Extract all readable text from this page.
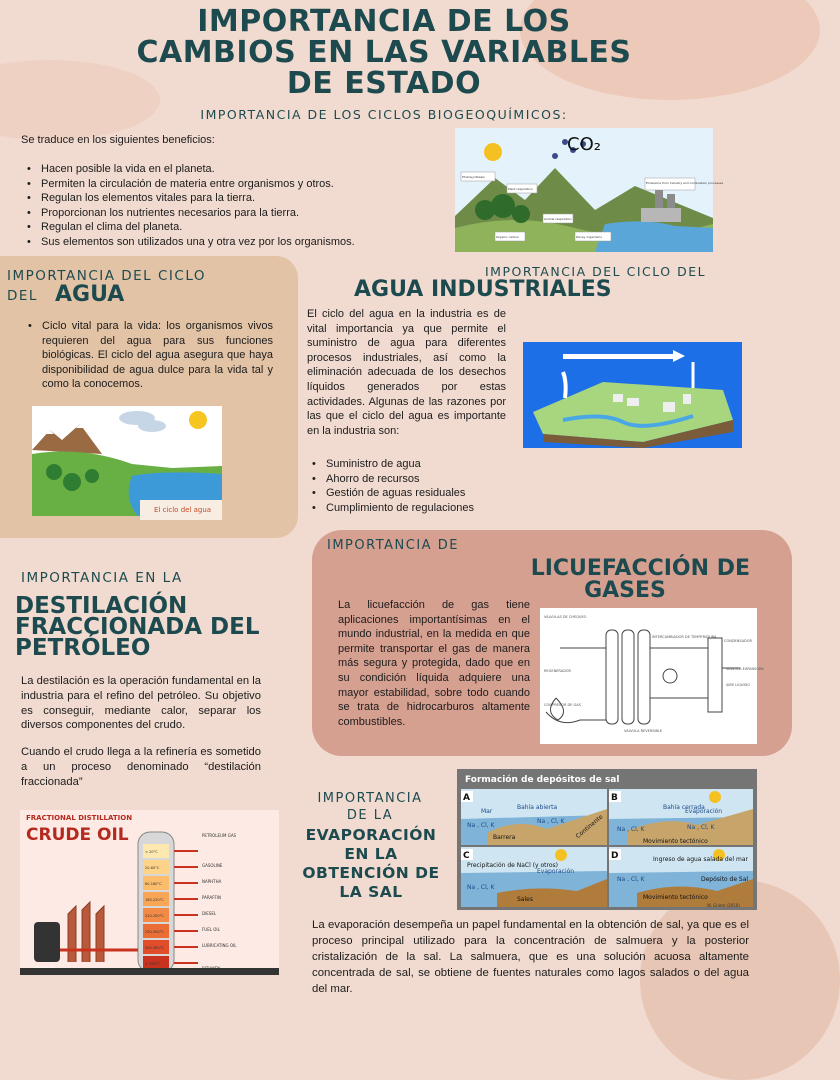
IMPORTANCIA DE LOS
CAMBIOS EN LAS VARIABLES
DE ESTADO
IMPORTANCIA DE LOS CICLOS BIOGEOQUÍMICOS:
Se traduce en los siguientes beneficios:
• Hacen posible la vida en el planeta.
• Permiten la circulación de materia entre organismos y otros.
• Regulan los elementos vitales para la tierra.
• Proporcionan los nutrientes necesarios para la tierra.
• Regulan el clima del planeta.
• Sus elementos son utilizados una y otra vez por los organismos.
Photosynthesis
Plant respiration
Animal respiration
Organic carbon	Decay organisms
Emissions from industry and combustion processes
CO₂
IMPORTANCIA DEL CICLO
DEL AGUA
• Ciclo vital para la vida: los organismos vivos requieren del agua para sus funciones biológicas. El ciclo del agua asegura que haya disponibilidad de agua dulce para la vida tal y como la conocemos.
El ciclo del agua
IMPORTANCIA DEL CICLO DEL
AGUA INDUSTRIALES
El ciclo del agua en la industria es de vital importancia ya que permite el suministro de agua para diferentes procesos industriales, así como la eliminación adecuada de los desechos líquidos generados por estas actividades. Algunas de las razones por las que el ciclo del agua es importante en la industria son:
• Suministro de agua
• Ahorro de recursos
• Gestión de aguas residuales
• Cumplimiento de regulaciones
IMPORTANCIA DE
LICUEFACCIÓN DE
GASES
La licuefacción de gas tiene aplicaciones importantísimas en el mundo industrial, en la medida en que permite transportar el gas de manera más segura y protegida, dado que en su condición líquida adquiere una mayor estabilidad, sobre todo cuando se trata de hidrocarburos altamente combustibles.
VALVULAS DE CHEQUEO
INTERCAMBIADOR DE TEMPERATURA
REGENERADOR
COMPRESOR DE GAS
VALVULA REVERSIBLE
CONDENSADOR
VALVULA EXPANSORA
AIRE LIQUIDO
IMPORTANCIA EN LA
DESTILACIÓN
FRACCIONADA DEL
PETRÓLEO
La destilación es la operación fundamental en la industria para el refino del petróleo. Su objetivo es conseguir, mediante calor, separar los diversos componentes del crudo.
Cuando el crudo llega a la refinería es sometido a un proceso denominado “destilación fraccionada”
FRACTIONAL DISTILLATION
CRUDE OIL
< 20°C
20-60°C
60-180°C
180-220°C
220-250°C
250-300°C
300-350°C
> 350°C
PETROLEUM GAS
GASOLINE
NAPHTHA
PARAFFIN
DIESEL
FUEL OIL
LUBRICATING OIL
IMPORTANCIA
DE LA
EVAPORACIÓN
EN LA
OBTENCIÓN DE
LA SAL
Formación de depósitos de sal
A	B
C	D
Mar
Bahía abierta
Na , Cl, K
Na , Cl, K
Barrera	Continente
Evaporación
Bahía cerrada
Na , Cl, K	Na , Cl, K
Movimiento tectónico
Precipitación de NaCl (y otros)
Evaporación
Na , Cl, K
Sales
Ingreso de agua salada del mar
Na , Cl, K	Depósito de Sal
Movimiento tectónico
W. Griem (2010)
La evaporación desempeña un papel fundamental en la obtención de sal, ya que es el proceso principal utilizado para la concentración de salmuera y la posterior cristalización de la sal. La salmuera, que es una solución acuosa altamente concentrada de sal, se obtiene de fuentes naturales como lagos salados o del agua del mar.
